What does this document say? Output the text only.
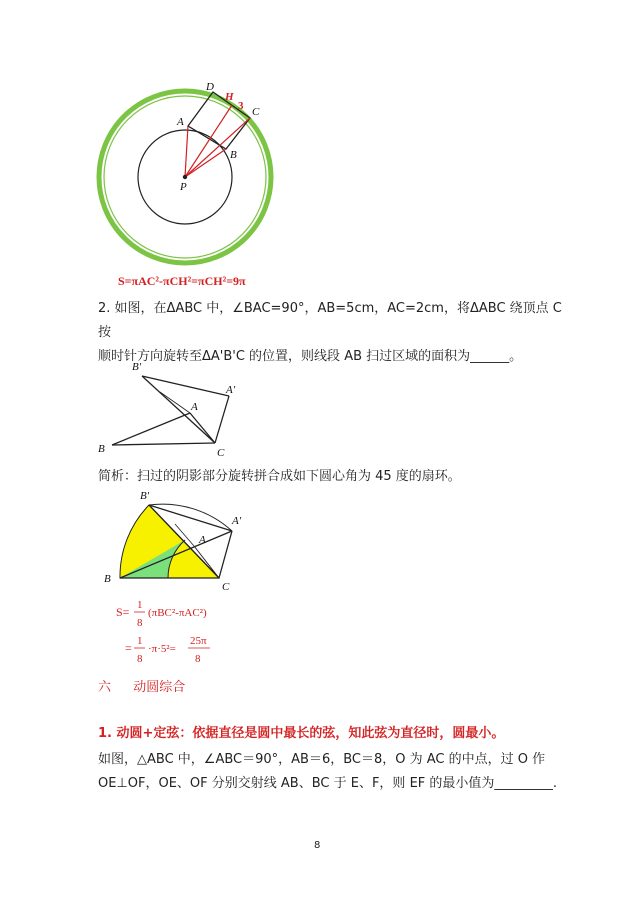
D
H
3 C
A
B
P
S=πAC²-πCH²=πCH²=9π
2. 如图，在ΔABC 中，∠BAC=90°，AB=5cm，AC=2cm，将ΔABC 绕顶点 C 按
顺时针方向旋转至ΔA'B'C 的位置，则线段 AB 扫过区域的面积为______。
B'
A'
A
B	C
简析：扫过的阴影部分旋转拼合成如下圆心角为 45 度的扇环。
B'
A'
A
B
C
S= 1
8
(πBC²-πAC²)
= 1
8
·π·5²=
25π
8
六 动圆综合
1. 动圆+定弦：依据直径是圆中最长的弦，知此弦为直径时，圆最小。
如图，△ABC 中，∠ABC＝90°，AB＝6，BC＝8，O 为 AC 的中点，过 O 作
OE⊥OF，OE、OF 分别交射线 AB、BC 于 E、F，则 EF 的最小值为_________.
8
